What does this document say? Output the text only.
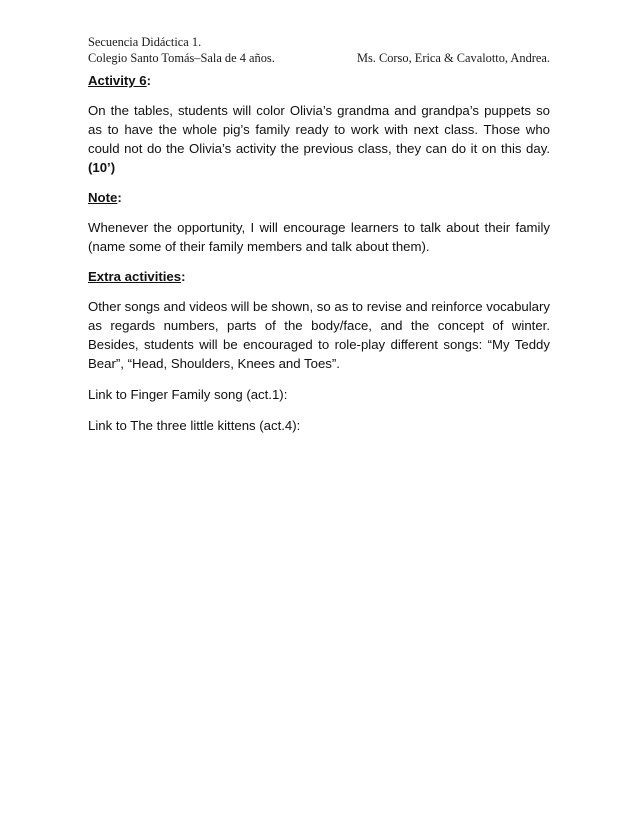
Secuencia Didáctica 1.
Colegio Santo Tomás–Sala de 4 años.	Ms. Corso, Erica & Cavalotto, Andrea.

Activity 6:

On the tables, students will color Olivia’s grandma and grandpa’s puppets so as to have the whole pig’s family ready to work with next class. Those who could not do the Olivia’s activity the previous class, they can do it on this day. (10’)

Note:

Whenever the opportunity, I will encourage learners to talk about their family (name some of their family members and talk about them).

Extra activities:

Other songs and videos will be shown, so as to revise and reinforce vocabulary as regards numbers, parts of the body/face, and the concept of winter. Besides, students will be encouraged to role-play different songs: “My Teddy Bear”, “Head, Shoulders, Knees and Toes”.

Link to Finger Family song (act.1):

Link to The three little kittens (act.4):
